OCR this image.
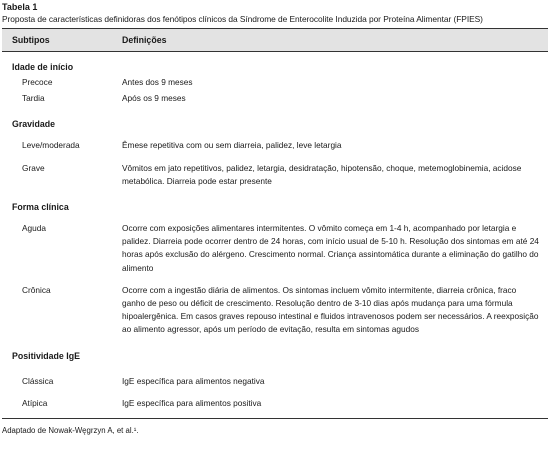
Tabela 1
Proposta de características definidoras dos fenótipos clínicos da Síndrome de Enterocolite Induzida por Proteína Alimentar (FPIES)
Subtipos	Definições
Idade de início
Precoce	Antes dos 9 meses
Tardia	Após os 9 meses
Gravidade
Leve/moderada	Êmese repetitiva com ou sem diarreia, palidez, leve letargia
Grave	Vômitos em jato repetitivos, palidez, letargia, desidratação, hipotensão, choque, metemoglobinemia, acidose metabólica. Diarreia pode estar presente
Forma clínica
Aguda	Ocorre com exposições alimentares intermitentes. O vômito começa em 1-4 h, acompanhado por letargia e palidez. Diarreia pode ocorrer dentro de 24 horas, com início usual de 5-10 h. Resolução dos sintomas em até 24 horas após exclusão do alérgeno. Crescimento normal. Criança assintomática durante a eliminação do gatilho do alimento
Crônica	Ocorre com a ingestão diária de alimentos. Os sintomas incluem vômito intermitente, diarreia crônica, fraco ganho de peso ou déficit de crescimento. Resolução dentro de 3-10 dias após mudança para uma fórmula hipoalergênica. Em casos graves repouso intestinal e fluidos intravenosos podem ser necessários. A reexposição ao alimento agressor, após um período de evitação, resulta em sintomas agudos
Positividade IgE
Clássica	IgE específica para alimentos negativa
Atípica	IgE específica para alimentos positiva
Adaptado de Nowak-Węgrzyn A, et al.¹.
